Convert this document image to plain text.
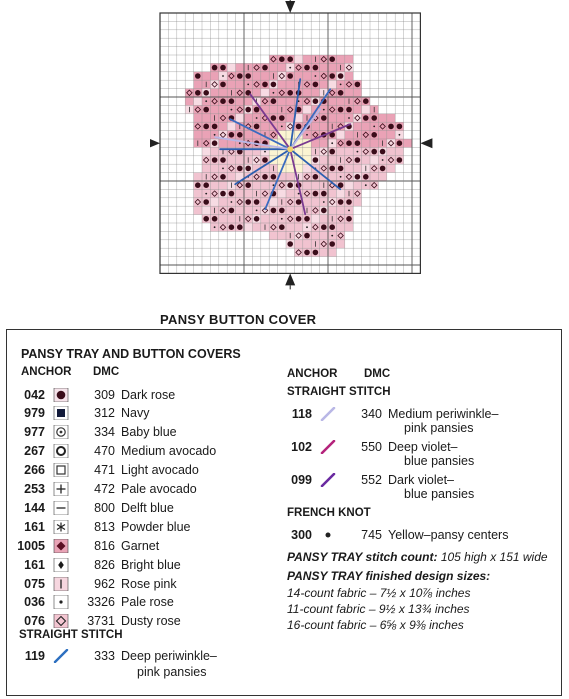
PANSY BUTTON COVER
PANSY TRAY AND BUTTON COVERS
ANCHOR DMC
042	309 Dark rose
979	312 Navy
977	334 Baby blue
267	470 Medium avocado
266	471 Light avocado
253	472 Pale avocado
144	800 Delft blue
161	813 Powder blue
1005	816 Garnet
161	826 Bright blue
075	962 Rose pink
036	3326 Pale rose
076	3731 Dusty rose
STRAIGHT STITCH
119	333 Deep periwinkle–
pink pansies
ANCHOR DMC
STRAIGHT STITCH
118	340 Medium periwinkle–
pink pansies
102	550 Deep violet–
blue pansies
099	552 Dark violet–
blue pansies
FRENCH KNOT
300	745 Yellow–pansy centers
PANSY TRAY stitch count: 105 high x 151 wide
PANSY TRAY finished design sizes:
14-count fabric – 7½ x 10⅞ inches
11-count fabric – 9½ x 13¾ inches
16-count fabric – 6⅝ x 9⅜ inches
